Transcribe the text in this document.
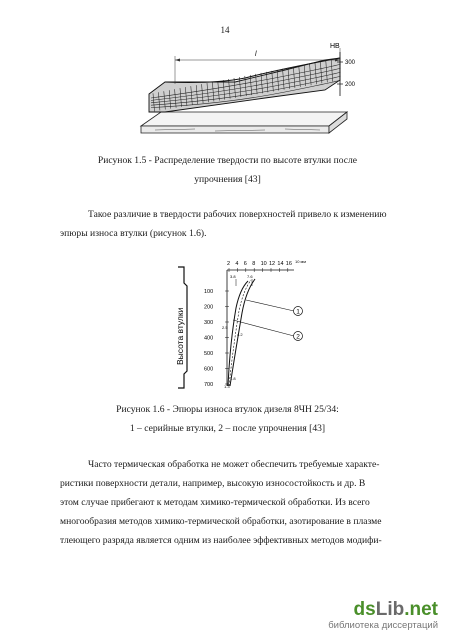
14
l
HB
300
200
Рисунок 1.5 - Распределение твердости по высоте втулки после
упрочнения [43]
Такое различие в твердости рабочих поверхностей привело к изменению
эпюры износа втулки (рисунок 1.6).
Высота втулки
2 4 6 8 10 12 14 16 10 мм
100
200
300
400
500
600
700
1
2
3.8	7.6
2.5
4.2
1.8
1.3
Рисунок 1.6 - Эпюры износа втулок дизеля 8ЧН 25/34:
1 – серийные втулки, 2 – после упрочнения [43]
Часто термическая обработка не может обеспечить требуемые характе-
ристики поверхности детали, например, высокую износостойкость и др. В
этом случае прибегают к методам химико-термической обработки. Из всего
многообразия методов химико-термической обработки, азотирование в плазме
тлеющего разряда является одним из наиболее эффективных методов модифи-
dsLib.net
библиотека диссертаций
